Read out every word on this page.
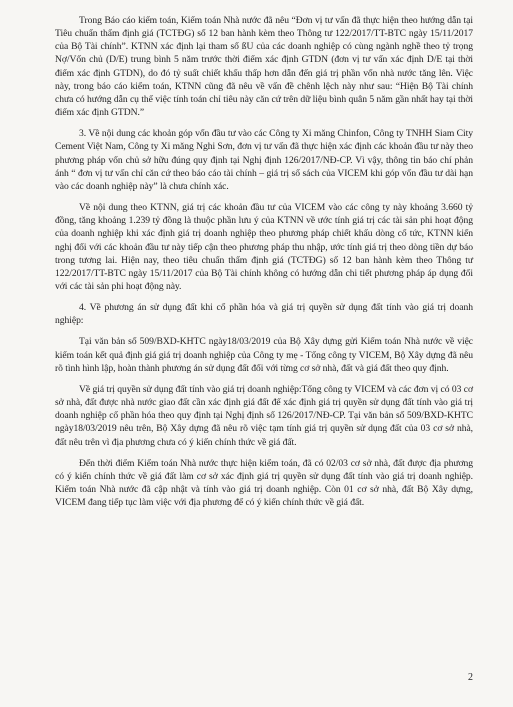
Trong Báo cáo kiểm toán, Kiểm toán Nhà nước đã nêu “Đơn vị tư vấn đã thực hiện theo hướng dẫn tại Tiêu chuẩn thẩm định giá (TCTĐG) số 12 ban hành kèm theo Thông tư 122/2017/TT-BTC ngày 15/11/2017 của Bộ Tài chính”. KTNN xác định lại tham số ßU của các doanh nghiệp có cùng ngành nghề theo tỷ trọng Nợ/Vốn chủ (D/E) trung bình 5 năm trước thời điểm xác định GTDN (đơn vị tư vấn xác định D/E tại thời điểm xác định GTDN), do đó tỷ suất chiết khấu thấp hơn dẫn đến giá trị phần vốn nhà nước tăng lên. Việc này, trong báo cáo kiểm toán, KTNN cũng đã nêu về vấn đề chênh lệch này như sau: “Hiện Bộ Tài chính chưa có hướng dẫn cụ thể việc tính toán chỉ tiêu này căn cứ trên dữ liệu bình quân 5 năm gần nhất hay tại thời điểm xác định GTDN.”

3. Về nội dung các khoản góp vốn đầu tư vào các Công ty Xi măng Chinfon, Công ty TNHH Siam City Cement Việt Nam, Công ty Xi măng Nghi Sơn, đơn vị tư vấn đã thực hiện xác định các khoản đầu tư này theo phương pháp vốn chủ sở hữu đúng quy định tại Nghị định 126/2017/NĐ-CP. Vì vậy, thông tin báo chí phản ánh “ đơn vị tư vấn chỉ căn cứ theo báo cáo tài chính – giá trị sổ sách của VICEM khi góp vốn đầu tư dài hạn vào các doanh nghiệp này” là chưa chính xác.

Về nội dung theo KTNN, giá trị các khoản đầu tư của VICEM vào các công ty này khoảng 3.660 tỷ đồng, tăng khoảng 1.239 tỷ đồng là thuộc phần lưu ý của KTNN về ước tính giá trị các tài sản phi hoạt động của doanh nghiệp khi xác định giá trị doanh nghiệp theo phương pháp chiết khấu dòng cổ tức, KTNN kiến nghị đối với các khoản đầu tư này tiếp cận theo phương pháp thu nhập, ước tính giá trị theo dòng tiền dự báo trong tương lai. Hiện nay, theo tiêu chuẩn thẩm định giá (TCTĐG) số 12 ban hành kèm theo Thông tư 122/2017/TT-BTC ngày 15/11/2017 của Bộ Tài chính không có hướng dẫn chi tiết phương pháp áp dụng đối với các tài sản phi hoạt động này.

4. Về phương án sử dụng đất khi cổ phần hóa và giá trị quyền sử dụng đất tính vào giá trị doanh nghiệp:

Tại văn bản số 509/BXD-KHTC ngày18/03/2019 của Bộ Xây dựng gửi Kiểm toán Nhà nước về việc kiểm toán kết quả định giá giá trị doanh nghiệp của Công ty mẹ - Tổng công ty VICEM, Bộ Xây dựng đã nêu rõ tình hình lập, hoàn thành phương án sử dụng đất đối với từng cơ sở nhà, đất và giá đất theo quy định.

Về giá trị quyền sử dụng đất tính vào giá trị doanh nghiệp:Tổng công ty VICEM và các đơn vị có 03 cơ sở nhà, đất được nhà nước giao đất cần xác định giá đất để xác định giá trị quyền sử dụng đất tính vào giá trị doanh nghiệp cổ phần hóa theo quy định tại Nghị định số 126/2017/NĐ-CP. Tại văn bản số 509/BXD-KHTC ngày18/03/2019 nêu trên, Bộ Xây dựng đã nêu rõ việc tạm tính giá trị quyền sử dụng đất của 03 cơ sở nhà, đất nêu trên vì địa phương chưa có ý kiến chính thức về giá đất.

Đến thời điểm Kiểm toán Nhà nước thực hiện kiểm toán, đã có 02/03 cơ sở nhà, đất được địa phương có ý kiến chính thức về giá đất làm cơ sở xác định giá trị quyền sử dụng đất tính vào giá trị doanh nghiệp. Kiểm toán Nhà nước đã cập nhật và tính vào giá trị doanh nghiệp. Còn 01 cơ sở nhà, đất Bộ Xây dựng, VICEM đang tiếp tục làm việc với địa phương để có ý kiến chính thức về giá đất.

2
